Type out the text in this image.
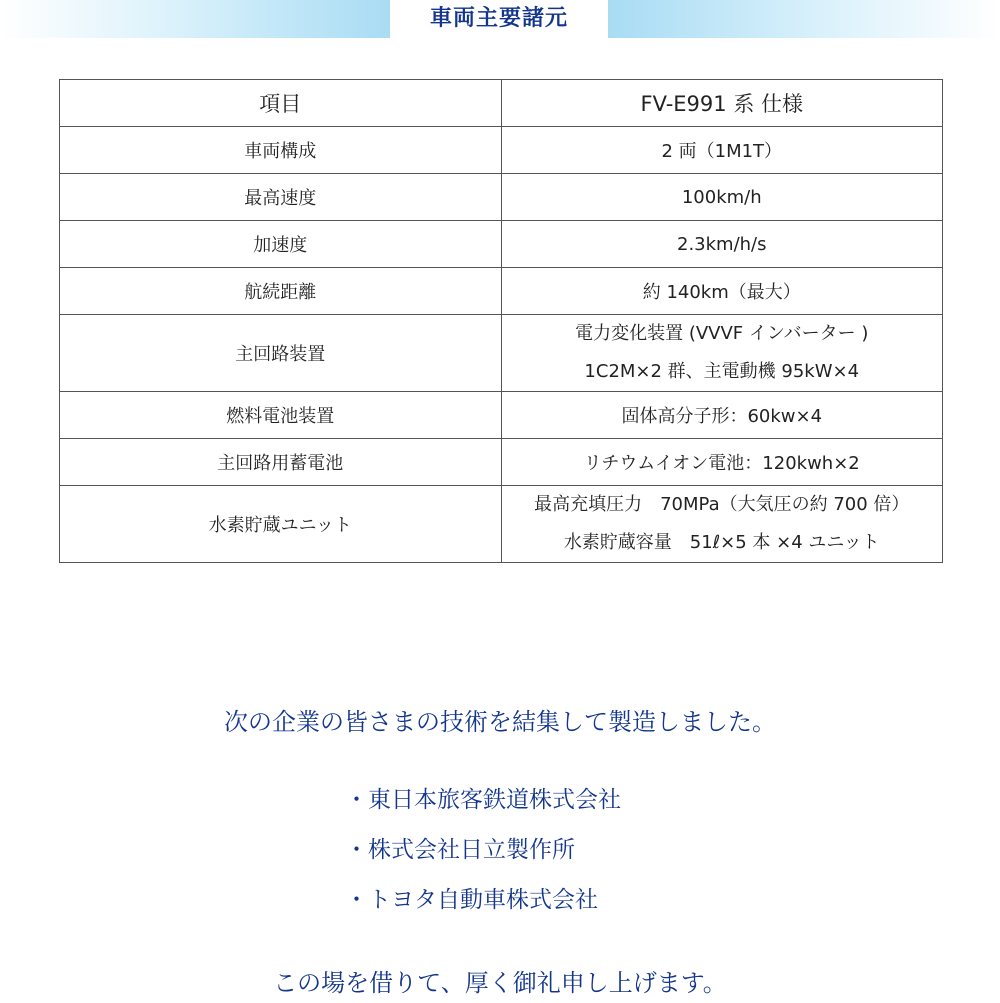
車両主要諸元
項目	FV-E991 系 仕様
車両構成	2 両（1M1T）
最高速度	100km/h
加速度	2.3km/h/s
航続距離	約 140km（最大）
主回路装置	電力変化装置 (VVVF インバーター )
1C2M×2 群、主電動機 95kW×4

燃料電池装置	固体高分子形：60kw×4
主回路用蓄電池	リチウムイオン電池：120kwh×2
水素貯蔵ユニット	最高充填圧力　70MPa（大気圧の約 700 倍）
水素貯蔵容量　51ℓ×5 本 ×4 ユニット
次の企業の皆さまの技術を結集して製造しました。
・東日本旅客鉄道株式会社
・株式会社日立製作所
・トヨタ自動車株式会社
この場を借りて、厚く御礼申し上げます。
